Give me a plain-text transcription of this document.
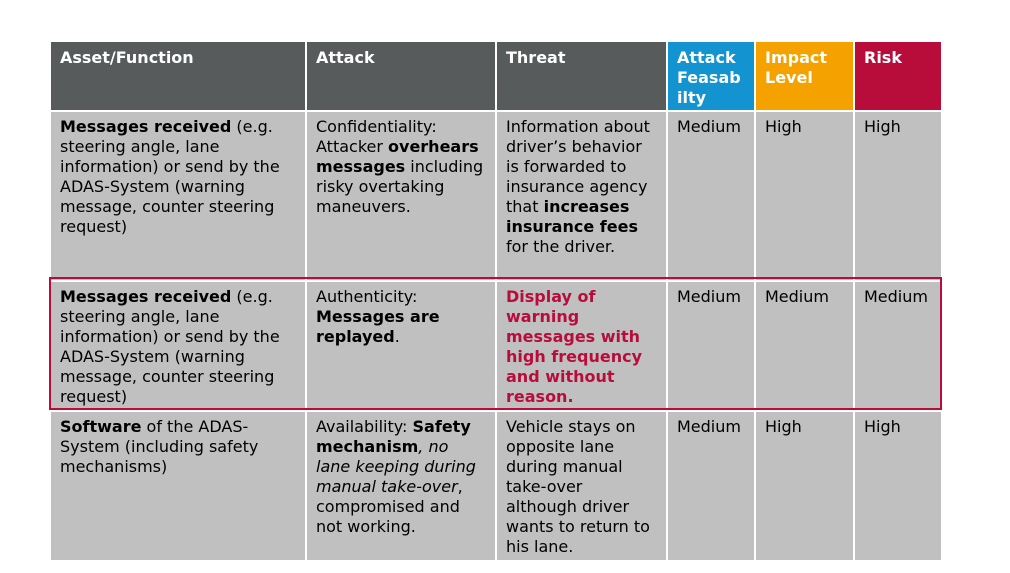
Asset/Function	Attack	Threat	Attack Feasab ilty	Impact Level	Risk
Messages received (e.g. steering angle, lane information) or send by the ADAS-System (warning message, counter steering request)	Confidentiality: Attacker overhears messages including risky overtaking maneuvers.	Information about driver’s behavior is forwarded to insurance agency that increases insurance fees for the driver.	Medium	High	High
Messages received (e.g. steering angle, lane information) or send by the ADAS-System (warning message, counter steering request)	Authenticity: Messages are replayed.	Display of warning messages with high frequency and without reason.	Medium	Medium	Medium
Software of the ADAS-System (including safety mechanisms)	Availability: Safety mechanism, no lane keeping during manual take-over, compromised and not working.	Vehicle stays on opposite lane during manual take-over although driver wants to return to his lane.	Medium	High	High
